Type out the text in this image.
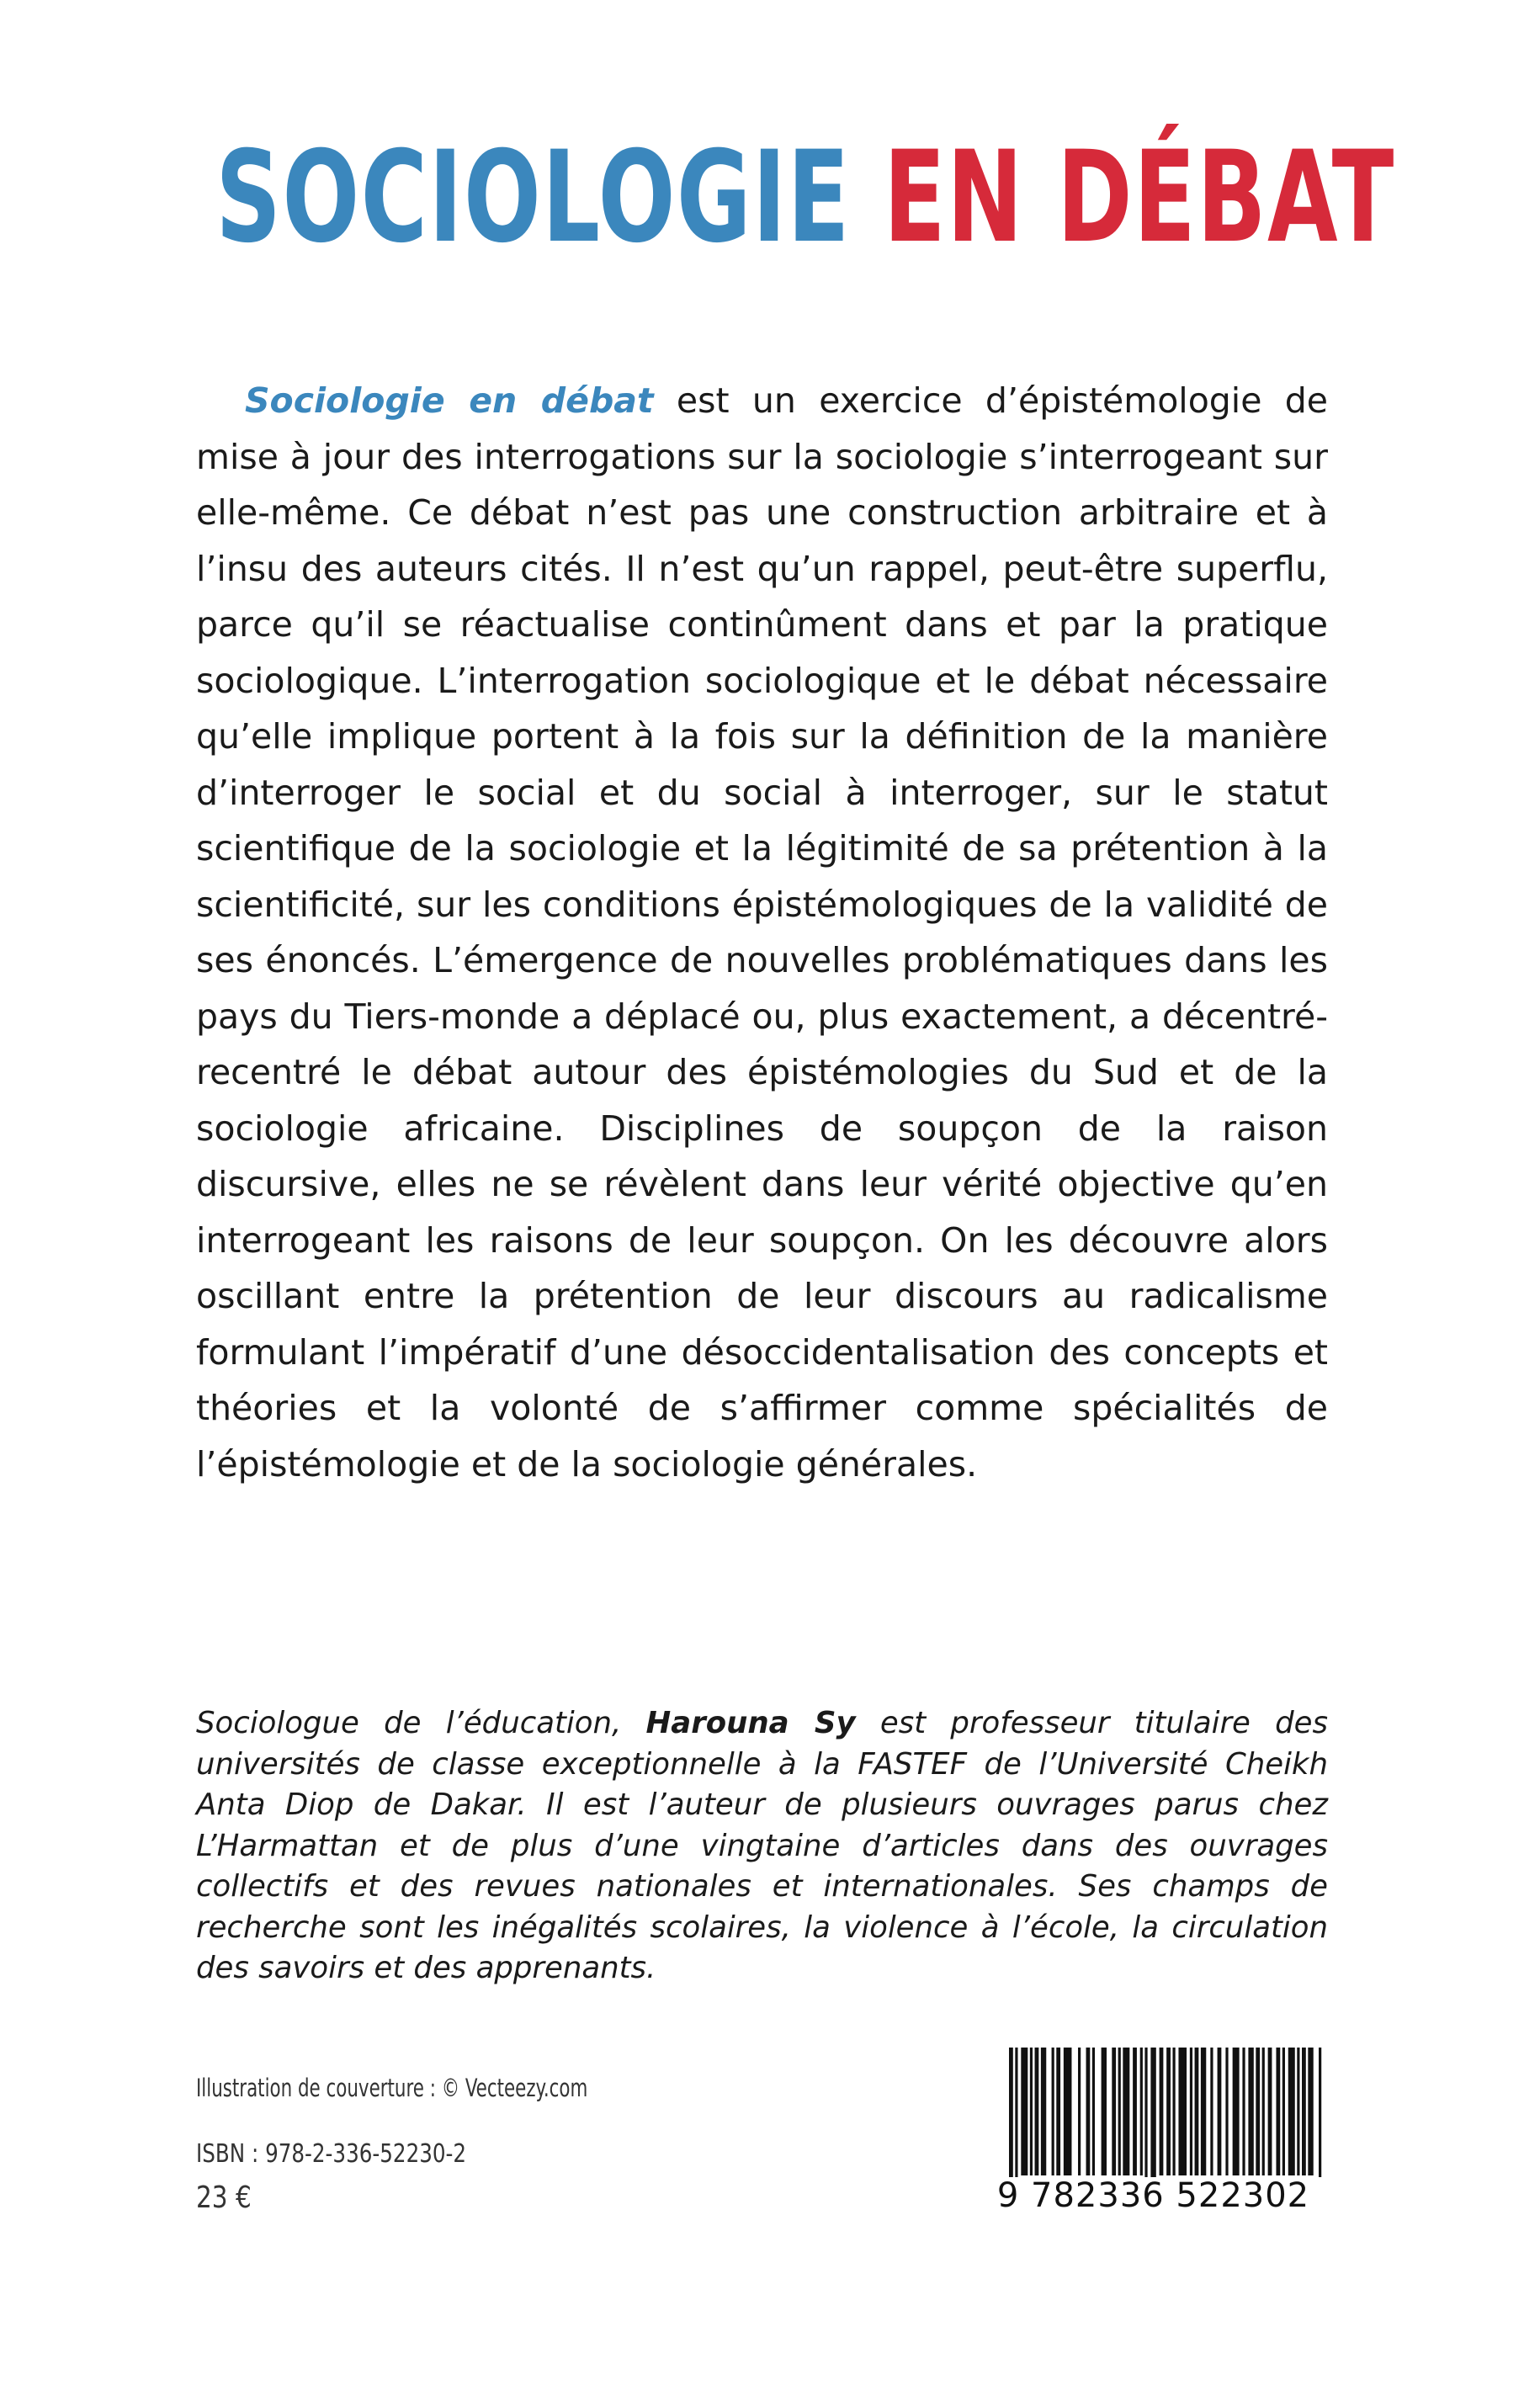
SOCIOLOGIE EN DÉBAT
Sociologie en débat est un exercice d’épistémologie de mise à jour des interrogations sur la sociologie s’interrogeant sur elle-même. Ce débat n’est pas une construction arbitraire et à l’insu des auteurs cités. Il n’est qu’un rappel, peut-être superflu, parce qu’il se réactualise continûment dans et par la pratique sociologique. L’interrogation sociologique et le débat nécessaire qu’elle implique portent à la fois sur la définition de la manière d’interroger le social et du social à interroger, sur le statut scientifique de la sociologie et la légitimité de sa prétention à la scientificité, sur les conditions épistémologiques de la validité de ses énoncés. L’émergence de nouvelles problématiques dans les pays du Tiers-monde a déplacé ou, plus exactement, a décentré-recentré le débat autour des épistémologies du Sud et de la sociologie africaine. Disciplines de soupçon de la raison discursive, elles ne se révèlent dans leur vérité objective qu’en interrogeant les raisons de leur soupçon. On les découvre alors oscillant entre la prétention de leur discours au radicalisme formulant l’impératif d’une désoccidentalisation des concepts et théories et la volonté de s’affirmer comme spécialités de l’épistémologie et de la sociologie générales.
Sociologue de l’éducation, Harouna Sy est professeur titulaire des universités de classe exceptionnelle à la FASTEF de l’Université Cheikh Anta Diop de Dakar. Il est l’auteur de plusieurs ouvrages parus chez L’Harmattan et de plus d’une vingtaine d’articles dans des ouvrages collectifs et des revues nationales et internationales. Ses champs de recherche sont les inégalités scolaires, la violence à l’école, la circulation des savoirs et des apprenants.
Illustration de couverture : © Vecteezy.com
ISBN : 978-2-336-52230-2
23 €	9 782336 522302
